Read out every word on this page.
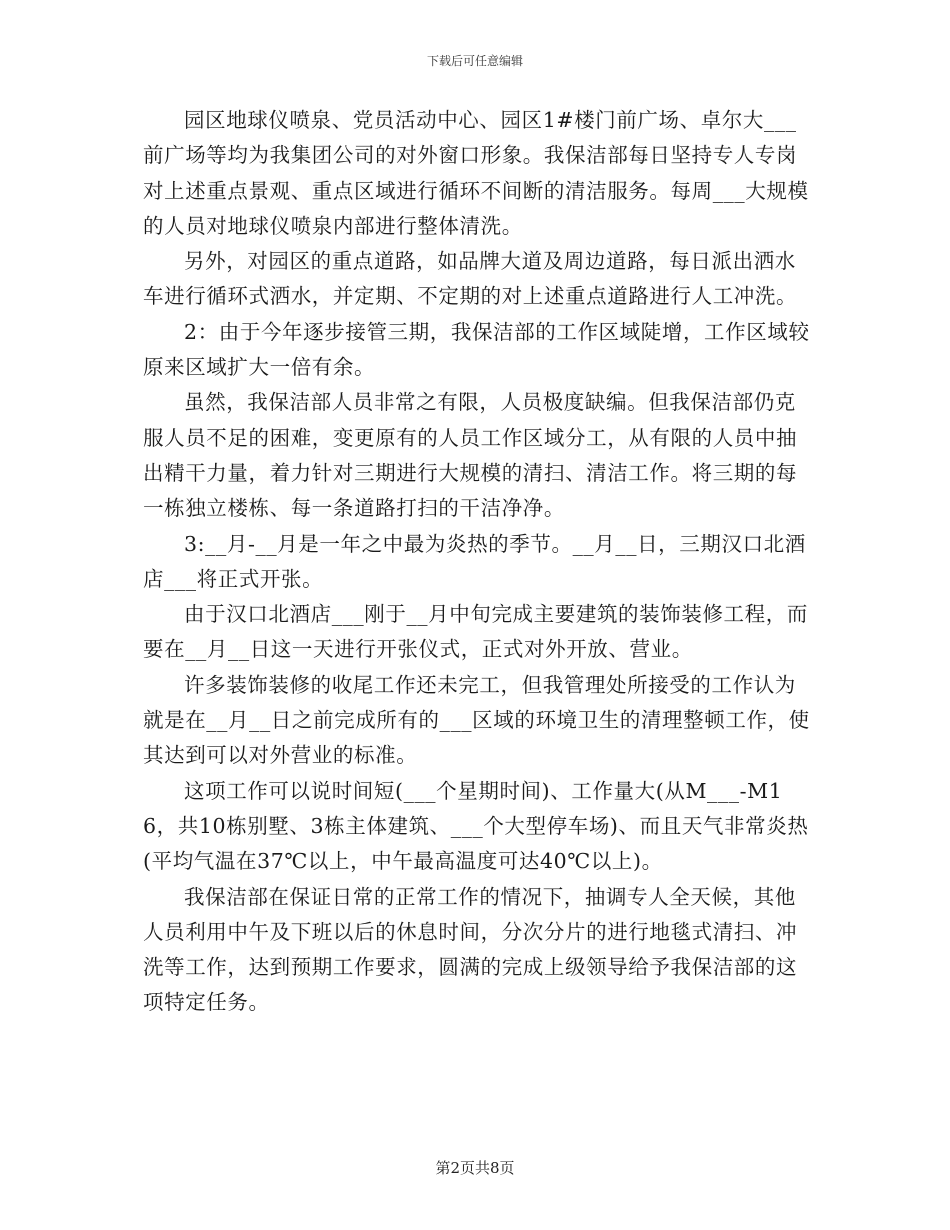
下载后可任意编辑

园区地球仪喷泉、党员活动中心、园区1#楼门前广场、卓尔大___前广场等均为我集团公司的对外窗口形象。我保洁部每日坚持专人专岗对上述重点景观、重点区域进行循环不间断的清洁服务。每周___大规模的人员对地球仪喷泉内部进行整体清洗。

另外，对园区的重点道路，如品牌大道及周边道路，每日派出洒水车进行循环式洒水，并定期、不定期的对上述重点道路进行人工冲洗。

2：由于今年逐步接管三期，我保洁部的工作区域陡增，工作区域较原来区域扩大一倍有余。

虽然，我保洁部人员非常之有限，人员极度缺编。但我保洁部仍克服人员不足的困难，变更原有的人员工作区域分工，从有限的人员中抽出精干力量，着力针对三期进行大规模的清扫、清洁工作。将三期的每一栋独立楼栋、每一条道路打扫的干洁净净。

3:__月-__月是一年之中最为炎热的季节。__月__日，三期汉口北酒店___将正式开张。

由于汉口北酒店___刚于__月中旬完成主要建筑的装饰装修工程，而要在__月__日这一天进行开张仪式，正式对外开放、营业。

许多装饰装修的收尾工作还未完工，但我管理处所接受的工作认为就是在__月__日之前完成所有的___区域的环境卫生的清理整顿工作，使其达到可以对外营业的标准。

这项工作可以说时间短(___个星期时间)、工作量大(从M___-M16，共10栋别墅、3栋主体建筑、___个大型停车场)、而且天气非常炎热(平均气温在37℃以上，中午最高温度可达40℃以上)。

我保洁部在保证日常的正常工作的情况下，抽调专人全天候，其他人员利用中午及下班以后的休息时间，分次分片的进行地毯式清扫、冲洗等工作，达到预期工作要求，圆满的完成上级领导给予我保洁部的这项特定任务。

第2页共8页
